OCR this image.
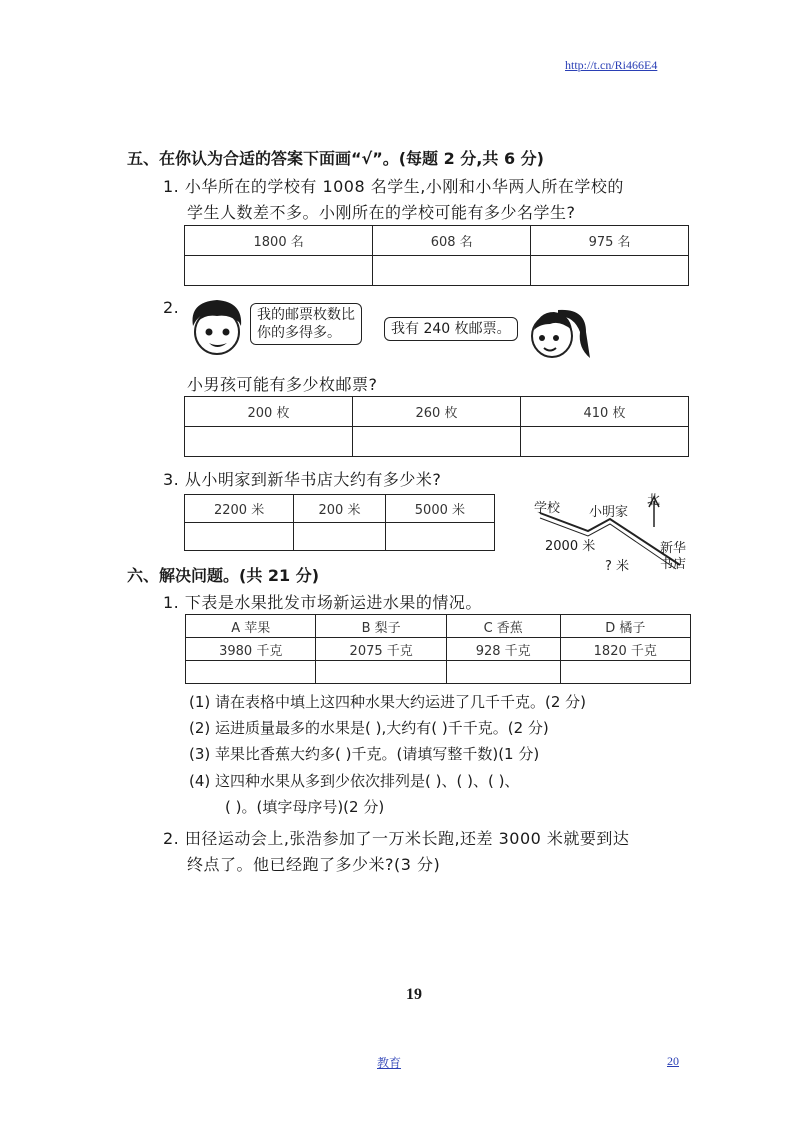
http://t.cn/Ri466E4
五、在你认为合适的答案下面画“√”。(每题 2 分,共 6 分)
1. 小华所在的学校有 1008 名学生,小刚和小华两人所在学校的
学生人数差不多。小刚所在的学校可能有多少名学生?
1800 名	608 名	975 名

2.	我的邮票枚数比
你的多得多。	我有 240 枚邮票。
小男孩可能有多少枚邮票?
200 枚	260 枚	410 枚

3. 从小明家到新华书店大约有多少米?
2200 米	200 米	5000 米
			学校 小明家
北
2000 米
? 米
新华
书店
六、解决问题。(共 21 分)
1. 下表是水果批发市场新运进水果的情况。
A 苹果	B 梨子	C 香蕉	D 橘子
3980 千克	2075 千克	928 千克	1820 千克

(1) 请在表格中填上这四种水果大约运进了几千千克。(2 分)
(2) 运进质量最多的水果是( ),大约有( )千千克。(2 分)
(3) 苹果比香蕉大约多( )千克。(请填写整千数)(1 分)
(4) 这四种水果从多到少依次排列是( )、( )、( )、
( )。(填字母序号)(2 分)
2. 田径运动会上,张浩参加了一万米长跑,还差 3000 米就要到达
终点了。他已经跑了多少米?(3 分)
19
教育	20
